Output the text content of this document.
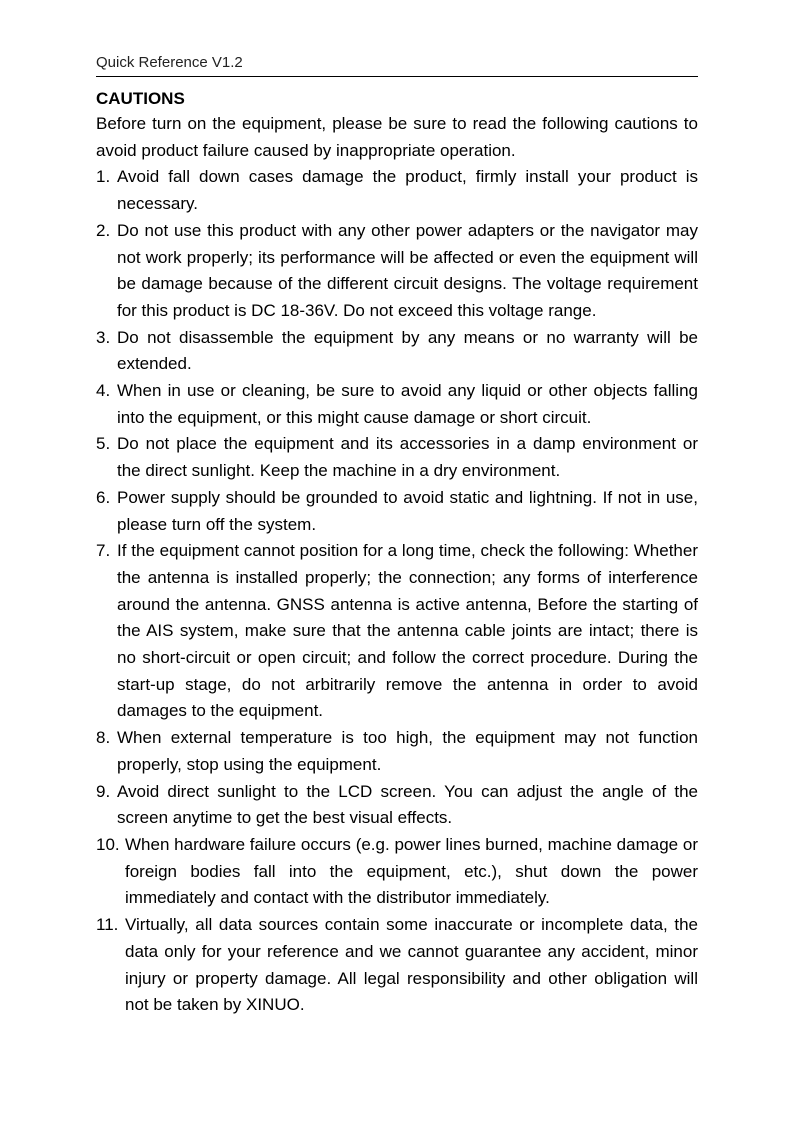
Quick Reference V1.2
CAUTIONS

Before turn on the equipment, please be sure to read the following cautions to avoid product failure caused by inappropriate operation.

1. Avoid fall down cases damage the product, firmly install your product is necessary.
2. Do not use this product with any other power adapters or the navigator may not work properly; its performance will be affected or even the equipment will be damage because of the different circuit designs. The voltage requirement for this product is DC 18-36V. Do not exceed this voltage range.
3. Do not disassemble the equipment by any means or no warranty will be extended.
4. When in use or cleaning, be sure to avoid any liquid or other objects falling into the equipment, or this might cause damage or short circuit.
5. Do not place the equipment and its accessories in a damp environment or the direct sunlight. Keep the machine in a dry environment.
6. Power supply should be grounded to avoid static and lightning. If not in use, please turn off the system.
7. If the equipment cannot position for a long time, check the following: Whether the antenna is installed properly; the connection; any forms of interference around the antenna. GNSS antenna is active antenna, Before the starting of the AIS system, make sure that the antenna cable joints are intact; there is no short-circuit or open circuit; and follow the correct procedure. During the start-up stage, do not arbitrarily remove the antenna in order to avoid damages to the equipment.
8. When external temperature is too high, the equipment may not function properly, stop using the equipment.
9. Avoid direct sunlight to the LCD screen. You can adjust the angle of the screen anytime to get the best visual effects.
10. When hardware failure occurs (e.g. power lines burned, machine damage or foreign bodies fall into the equipment, etc.), shut down the power immediately and contact with the distributor immediately.
11. Virtually, all data sources contain some inaccurate or incomplete data, the data only for your reference and we cannot guarantee any accident, minor injury or property damage. All legal responsibility and other obligation will not be taken by XINUO.
